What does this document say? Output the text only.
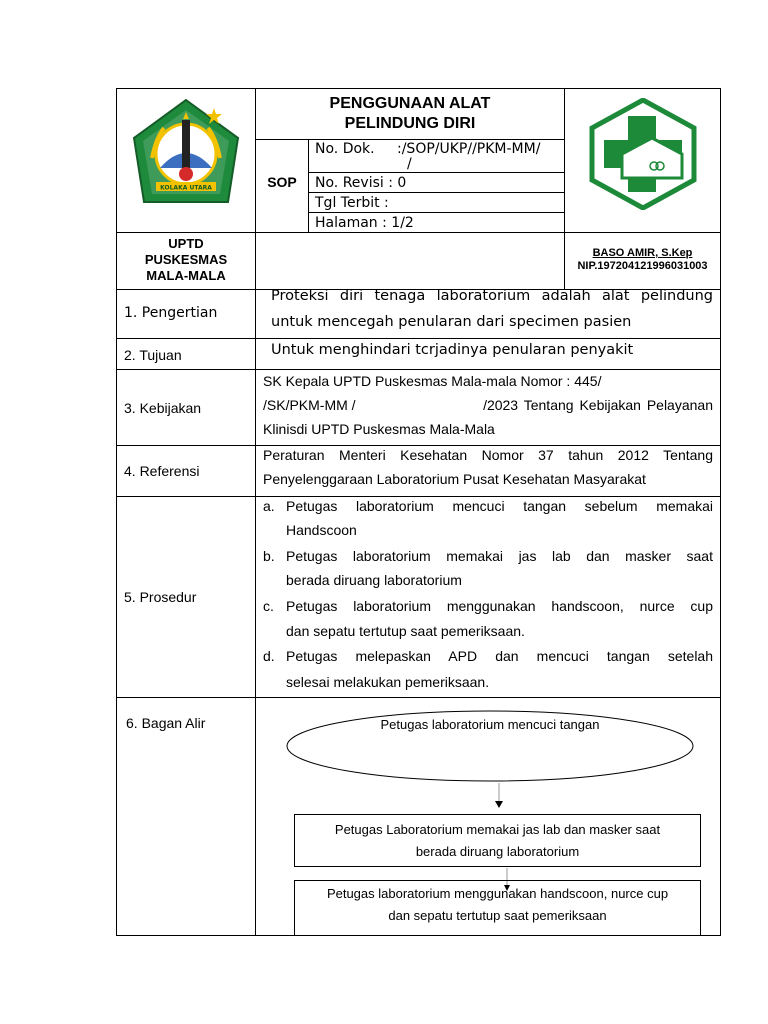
KOLAKA UTARA
PENGGUNAAN ALAT
PELINDUNG DIRI
SOP
No. Dok. :/SOP/UKP//PKM-MM/
/
No. Revisi : 0
Tgl Terbit :
Halaman : 1/2
UPTD
PUSKESMAS
MALA-MALA
BASO AMIR, S.Kep
NIP.197204121996031003
1. Pengertian
Proteksi diri tenaga laboratorium adalah alat pelindung
untuk mencegah penularan dari specimen pasien
2. Tujuan	Untuk menghindari tcrjadinya penularan penyakit
3. Kebijakan
SK Kepala UPTD Puskesmas Mala-mala Nomor : 445/
/SK/PKM-MM /	/2023 Tentang Kebijakan Pelayanan
Klinisdi UPTD Puskesmas Mala-Mala
4. Referensi
Peraturan Menteri Kesehatan Nomor 37 tahun 2012 Tentang
Penyelenggaraan Laboratorium Pusat Kesehatan Masyarakat
5. Prosedur
a. Petugas laboratorium mencuci tangan sebelum memakai
Handscoon
b. Petugas laboratorium memakai jas lab dan masker saat
berada diruang laboratorium
c. Petugas laboratorium menggunakan handscoon, nurce cup
dan sepatu tertutup saat pemeriksaan.
d. Petugas melepaskan APD dan mencuci tangan setelah
selesai melakukan pemeriksaan.
6. Bagan Alir	Petugas laboratorium mencuci tangan
Petugas Laboratorium memakai jas lab dan masker saat
berada diruang laboratorium
Petugas laboratorium menggunakan handscoon, nurce cup
dan sepatu tertutup saat pemeriksaan
